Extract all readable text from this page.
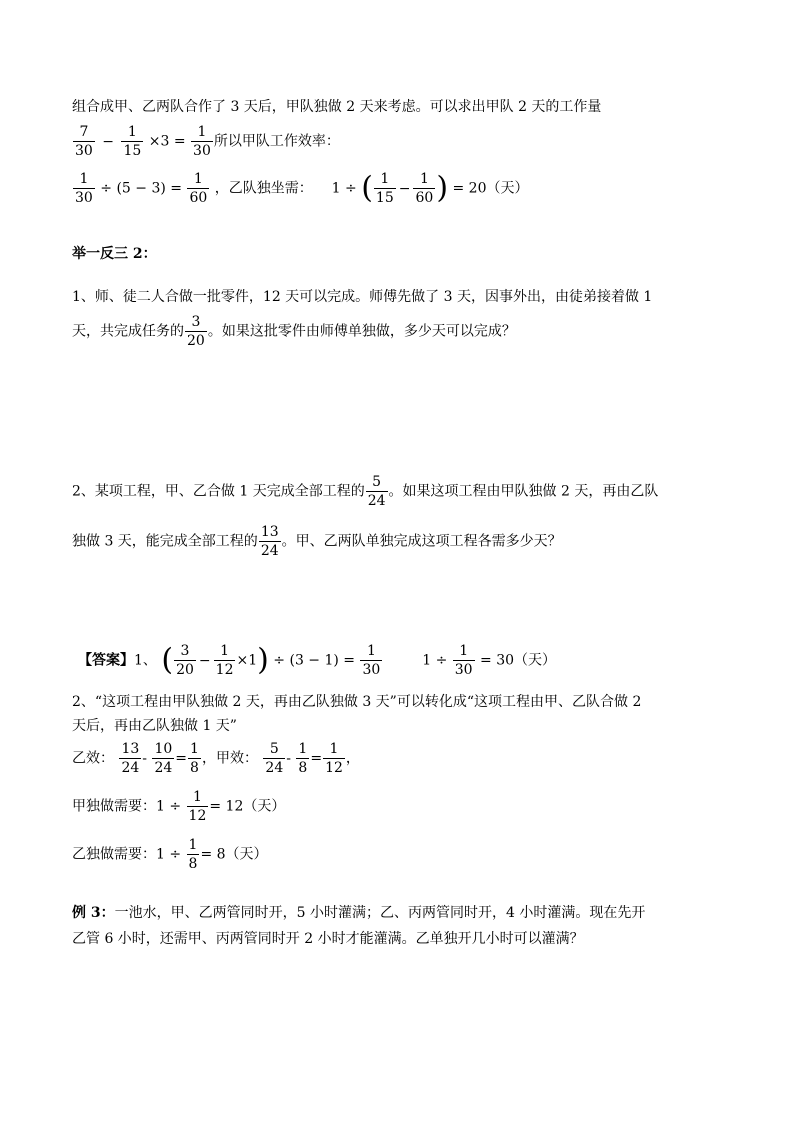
组合成甲、乙两队合作了 3 天后，甲队独做 2 天来考虑。可以求出甲队 2 天的工作量
$\frac{7}{30} - \frac{1}{15} \times 3 = \frac{1}{30}$ 所以甲队工作效率：
$\frac{1}{30} \div (5 - 3) = \frac{1}{60}$ ，乙队独坐需： 1 ÷ ( $\frac{1}{15} - \frac{1}{60}$ ) = 20（天）
举一反三 2：
1、师、徒二人合做一批零件，12 天可以完成。师傅先做了 3 天，因事外出，由徒弟接着做 1
天，共完成任务的 $\frac{3}{20}$ 。如果这批零件由师傅单独做，多少天可以完成？
2、某项工程，甲、乙合做 1 天完成全部工程的 $\frac{5}{24}$ 。如果这项工程由甲队独做 2 天，再由乙队
独做 3 天，能完成全部工程的 $\frac{13}{24}$ 。甲、乙两队单独完成这项工程各需多少天？
【答案】1、 ( $\frac{3}{20} - \frac{1}{12} \times 1) \div (3 - 1) = \frac{1}{30}$	$1 \div \frac{1}{30} = 30$（天）
2、“这项工程由甲队独做 2 天，再由乙队独做 3 天”可以转化成“这项工程由甲、乙队合做 2
天后，再由乙队独做 1 天”
乙效： $\frac{13}{24} - \frac{10}{24} = \frac{1}{8}$ ，甲效： $\frac{5}{24} - \frac{1}{8} = \frac{1}{12}$ ，
甲独做需要：$1 \div \frac{1}{12} = 12$（天）
乙独做需要：$1 \div \frac{1}{8} = 8$（天）
例 3：一池水，甲、乙两管同时开，5 小时灌满；乙、丙两管同时开，4 小时灌满。现在先开
乙管 6 小时，还需甲、丙两管同时开 2 小时才能灌满。乙单独开几小时可以灌满？
